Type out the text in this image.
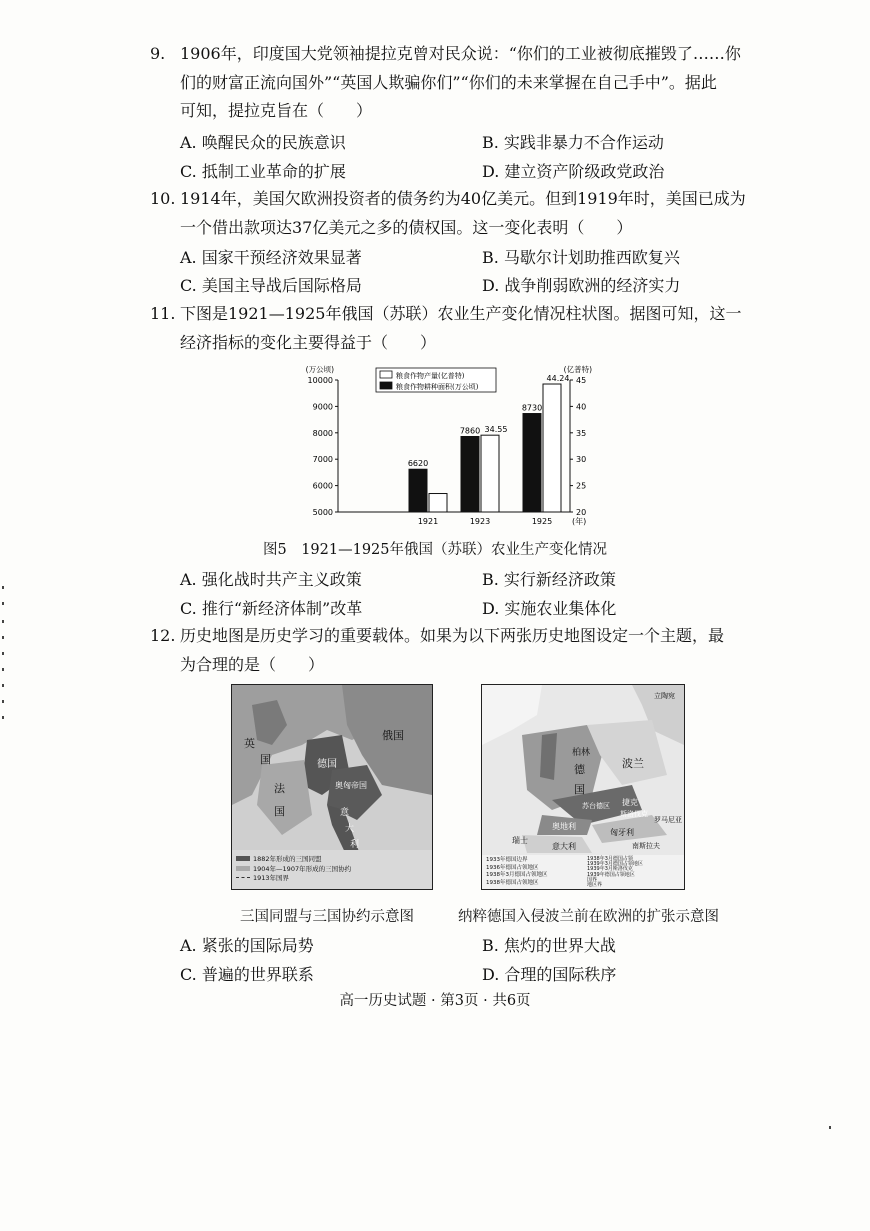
9. 1906年，印度国大党领袖提拉克曾对民众说：“你们的工业被彻底摧毁了……你
们的财富正流向国外”“英国人欺骗你们”“你们的未来掌握在自己手中”。据此
可知，提拉克旨在（　　）
A. 唤醒民众的民族意识	B. 实践非暴力不合作运动
C. 抵制工业革命的扩展	D. 建立资产阶级政党政治
10. 1914年，美国欠欧洲投资者的债务约为40亿美元。但到1919年时，美国已成为
一个借出款项达37亿美元之多的债权国。这一变化表明（　　）
A. 国家干预经济效果显著	B. 马歇尔计划助推西欧复兴
C. 美国主导战后国际格局	D. 战争削弱欧洲的经济实力
11. 下图是1921—1925年俄国（苏联）农业生产变化情况柱状图。据图可知，这一
经济指标的变化主要得益于（　　）
5000
6000
7000
8000
9000
10000
20
25
30
35
40
45
(万公顷)	(亿普特)
1921
6620
1923
7860 34.55
1925
8730
44.24
(年)
粮食作物产量(亿普特)
粮食作物耕种面积(万公顷)
图5　1921—1925年俄国（苏联）农业生产变化情况
A. 强化战时共产主义政策	B. 实行新经济政策
C. 推行“新经济体制”改革	D. 实施农业集体化
12. 历史地图是历史学习的重要载体。如果为以下两张历史地图设定一个主题，最
为合理的是（　　）
英
国
俄国
德国
奥匈帝国
法
国	意
大
利
1882年形成的三国同盟
1904年—1907年形成的三国协约
1913年国界
三国同盟与三国协约示意图
立陶宛
柏林
德
国
波兰
苏台德区 捷克
斯洛伐克
奥地利
匈牙利
瑞士
意大利
罗马尼亚
南斯拉夫
1933年德国边界
1936年德国占领地区
1938年3月德国占领地区
1938年德国占领地区
1938年3月德国占领
1939年3月德国占领地区
1939年3月斯洛伐克
1939年德国占领地区
国界
地区界
纳粹德国入侵波兰前在欧洲的扩张示意图
A. 紧张的国际局势	B. 焦灼的世界大战
C. 普遍的世界联系	D. 合理的国际秩序
高一历史试题 · 第3页 · 共6页
